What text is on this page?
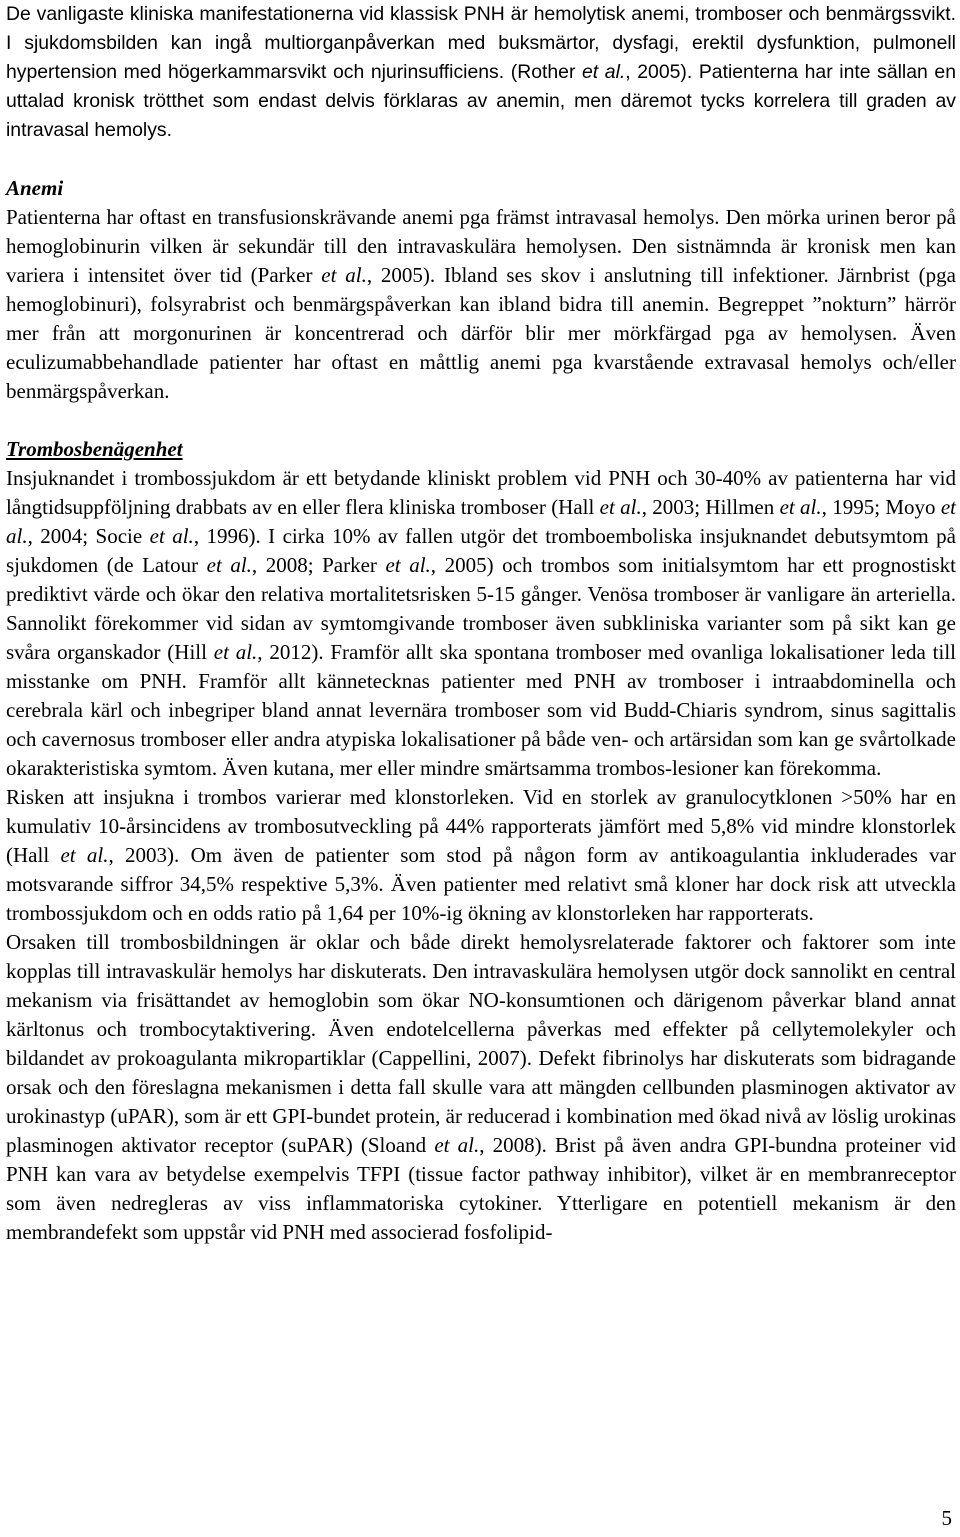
De vanligaste kliniska manifestationerna vid klassisk PNH är hemolytisk anemi, tromboser och benmärgssvikt. I sjukdomsbilden kan ingå multiorganpåverkan med buksmärtor, dysfagi, erektil dysfunktion, pulmonell hypertension med högerkammarsvikt och njurinsufficiens. (Rother et al., 2005). Patienterna har inte sällan en uttalad kronisk trötthet som endast delvis förklaras av anemin, men däremot tycks korrelera till graden av intravasal hemolys.

Anemi

Patienterna har oftast en transfusionskrävande anemi pga främst intravasal hemolys. Den mörka urinen beror på hemoglobinurin vilken är sekundär till den intravaskulära hemolysen. Den sistnämnda är kronisk men kan variera i intensitet över tid (Parker et al., 2005). Ibland ses skov i anslutning till infektioner. Järnbrist (pga hemoglobinuri), folsyrabrist och benmärgspåverkan kan ibland bidra till anemin. Begreppet ”nokturn” härrör mer från att morgonurinen är koncentrerad och därför blir mer mörkfärgad pga av hemolysen. Även eculizumabbehandlade patienter har oftast en måttlig anemi pga kvarstående extravasal hemolys och/eller benmärgspåverkan.

Trombosbenägenhet

Insjuknandet i trombossjukdom är ett betydande kliniskt problem vid PNH och 30-40% av patienterna har vid långtidsuppföljning drabbats av en eller flera kliniska tromboser (Hall et al., 2003; Hillmen et al., 1995; Moyo et al., 2004; Socie et al., 1996). I cirka 10% av fallen utgör det tromboemboliska insjuknandet debutsymtom på sjukdomen (de Latour et al., 2008; Parker et al., 2005) och trombos som initialsymtom har ett prognostiskt prediktivt värde och ökar den relativa mortalitetsrisken 5-15 gånger. Venösa tromboser är vanligare än arteriella. Sannolikt förekommer vid sidan av symtomgivande tromboser även subkliniska varianter som på sikt kan ge svåra organskador (Hill et al., 2012). Framför allt ska spontana tromboser med ovanliga lokalisationer leda till misstanke om PNH. Framför allt kännetecknas patienter med PNH av tromboser i intraabdominella och cerebrala kärl och inbegriper bland annat levernära tromboser som vid Budd-Chiaris syndrom, sinus sagittalis och cavernosus tromboser eller andra atypiska lokalisationer på både ven- och artärsidan som kan ge svårtolkade okarakteristiska symtom. Även kutana, mer eller mindre smärtsamma trombos-lesioner kan förekomma.

Risken att insjukna i trombos varierar med klonstorleken. Vid en storlek av granulocytklonen >50% har en kumulativ 10-årsincidens av trombosutveckling på 44% rapporterats jämfört med 5,8% vid mindre klonstorlek (Hall et al., 2003). Om även de patienter som stod på någon form av antikoagulantia inkluderades var motsvarande siffror 34,5% respektive 5,3%. Även patienter med relativt små kloner har dock risk att utveckla trombossjukdom och en odds ratio på 1,64 per 10%-ig ökning av klonstorleken har rapporterats.

Orsaken till trombosbildningen är oklar och både direkt hemolysrelaterade faktorer och faktorer som inte kopplas till intravaskulär hemolys har diskuterats. Den intravaskulära hemolysen utgör dock sannolikt en central mekanism via frisättandet av hemoglobin som ökar NO-konsumtionen och därigenom påverkar bland annat kärltonus och trombocytaktivering. Även endotelcellerna påverkas med effekter på cellytemolekyler och bildandet av prokoagulanta mikropartiklar (Cappellini, 2007). Defekt fibrinolys har diskuterats som bidragande orsak och den föreslagna mekanismen i detta fall skulle vara att mängden cellbunden plasminogen aktivator av urokinastyp (uPAR), som är ett GPI-bundet protein, är reducerad i kombination med ökad nivå av löslig urokinas plasminogen aktivator receptor (suPAR) (Sloand et al., 2008). Brist på även andra GPI-bundna proteiner vid PNH kan vara av betydelse exempelvis TFPI (tissue factor pathway inhibitor), vilket är en membranreceptor som även nedregleras av viss inflammatoriska cytokiner. Ytterligare en potentiell mekanism är den membrandefekt som uppstår vid PNH med associerad fosfolipid-

5
